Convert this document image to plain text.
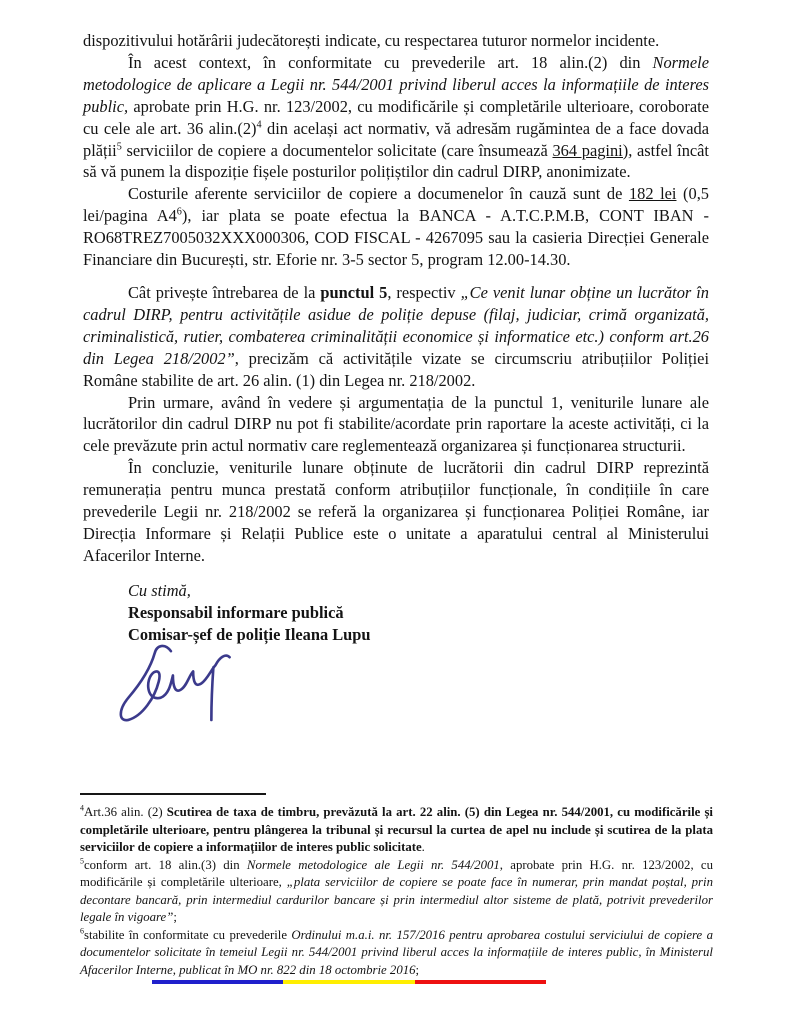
dispozitivului hotărârii judecătorești indicate, cu respectarea tuturor normelor incidente.

În acest context, în conformitate cu prevederile art. 18 alin.(2) din Normele metodologice de aplicare a Legii nr. 544/2001 privind liberul acces la informațiile de interes public, aprobate prin H.G. nr. 123/2002, cu modificările și completările ulterioare, coroborate cu cele ale art. 36 $alin.(2)^4$ din același act normativ, vă adresăm rugămintea de a face dovada plății$^5$ serviciilor de copiere a documentelor solicitate (care însumează 364 pagini), astfel încât să vă punem la dispoziție fișele posturilor polițiștilor din cadrul DIRP, anonimizate.

Costurile aferente serviciilor de copiere a documenelor în cauză sunt de 182 lei (0,5 lei/pagina $A4^6$), iar plata se poate efectua la BANCA - A.T.C.P.M.B, CONT IBAN - RO68TREZ7005032XXX000306, COD FISCAL - 4267095 sau la casieria Direcției Generale Financiare din București, str. Eforie nr. 3-5 sector 5, program 12.00-14.30.

Cât privește întrebarea de la punctul 5, respectiv „Ce venit lunar obține un lucrător în cadrul DIRP, pentru activitățile asidue de poliție depuse (filaj, judiciar, crimă organizată, criminalistică, rutier, combaterea criminalității economice și informatice etc.) conform art.26 din Legea 218/2002”, precizăm că activitățile vizate se circumscriu atribuțiilor Poliției Române stabilite de art. 26 alin. (1) din Legea nr. 218/2002.

Prin urmare, având în vedere și argumentația de la punctul 1, veniturile lunare ale lucrătorilor din cadrul DIRP nu pot fi stabilite/acordate prin raportare la aceste activități, ci la cele prevăzute prin actul normativ care reglementează organizarea și funcționarea structurii.

În concluzie, veniturile lunare obținute de lucrătorii din cadrul DIRP reprezintă remunerația pentru munca prestată conform atribuțiilor funcționale, în condițiile în care prevederile Legii nr. 218/2002 se referă la organizarea și funcționarea Poliției Române, iar Direcția Informare și Relații Publice este o unitate a aparatului central al Ministerului Afacerilor Interne.

Cu stimă,
Responsabil informare publică
Comisar-șef de poliție Ileana Lupu

$^4$Art.36 alin. (2) Scutirea de taxa de timbru, prevăzută la art. 22 alin. (5) din Legea nr. 544/2001, cu modificările și completările ulterioare, pentru plângerea la tribunal și recursul la curtea de apel nu include și scutirea de la plata serviciilor de copiere a informațiilor de interes public solicitate.

$^5$conform art. 18 alin.(3) din Normele metodologice ale Legii nr. 544/2001, aprobate prin H.G. nr. 123/2002, cu modificările și completările ulterioare, „plata serviciilor de copiere se poate face în numerar, prin mandat poștal, prin decontare bancară, prin intermediul cardurilor bancare și prin intermediul altor sisteme de plată, potrivit prevederilor legale în vigoare”;

$^6$stabilite în conformitate cu prevederile Ordinului m.a.i. nr. 157/2016 pentru aprobarea costului serviciului de copiere a documentelor solicitate în temeiul Legii nr. 544/2001 privind liberul acces la informațiile de interes public, în Ministerul Afacerilor Interne, publicat în MO nr. 822 din 18 octombrie 2016;
